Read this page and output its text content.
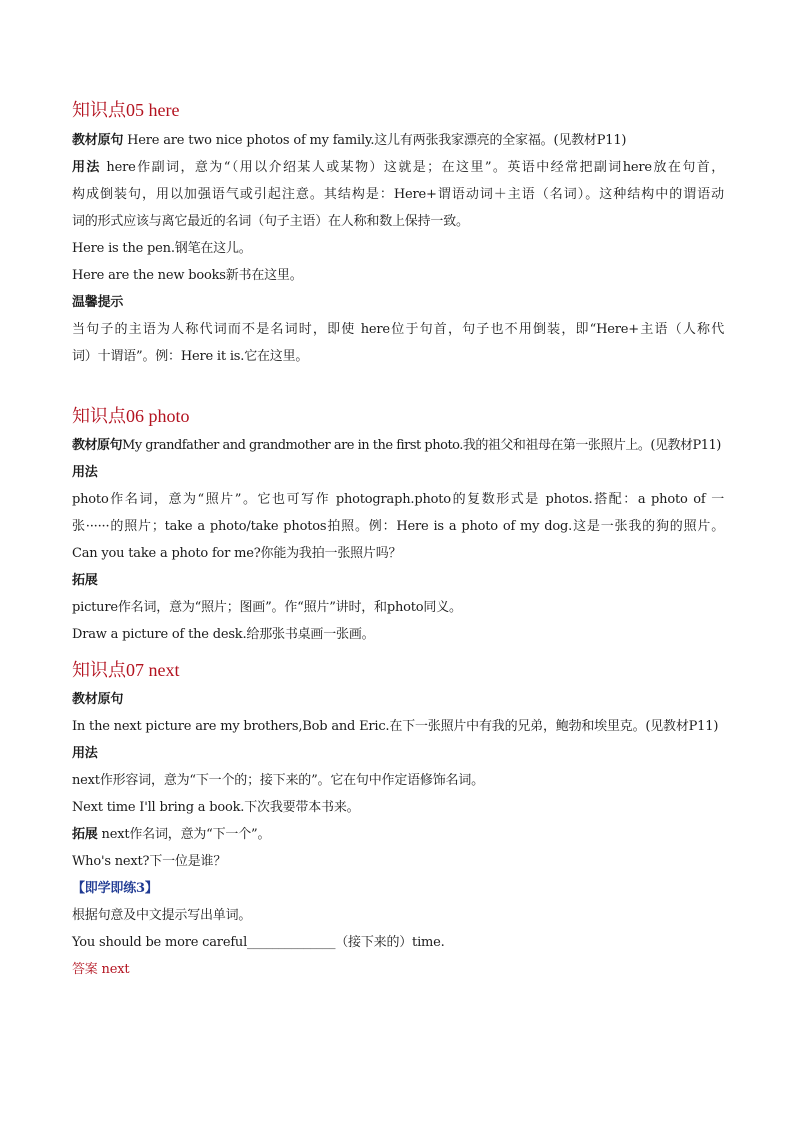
知识点05 here
教材原句 Here are two nice photos of my family.这儿有两张我家漂亮的全家福。(见教材P11)
用法 here作副词，意为“（用以介绍某人或某物）这就是；在这里”。英语中经常把副词here放在句首，
构成倒装句，用以加强语气或引起注意。其结构是：Here+谓语动词＋主语（名词）。这种结构中的谓语动
词的形式应该与离它最近的名词（句子主语）在人称和数上保持一致。
Here is the pen.钢笔在这儿。
Here are the new books新书在这里。
温馨提示
当句子的主语为人称代词而不是名词时，即使 here位于句首，句子也不用倒装，即“Here+主语（人称代
词）十谓语”。例：Here it is.它在这里。
知识点06 photo
教材原句My grandfather and grandmother are in the first photo.我的祖父和祖母在第一张照片上。(见教材P11)
用法
photo作名词，意为“照片”。它也可写作 photograph.photo的复数形式是 photos.搭配：a photo of 一
张······的照片；take a photo/take photos拍照。例：Here is a photo of my dog.这是一张我的狗的照片。
Can you take a photo for me?你能为我拍一张照片吗？
拓展
picture作名词，意为“照片；图画”。作“照片”讲时，和photo同义。
Draw a picture of the desk.给那张书桌画一张画。
知识点07 next
教材原句
In the next picture are my brothers,Bob and Eric.在下一张照片中有我的兄弟，鲍勃和埃里克。(见教材P11)
用法
next作形容词，意为“下一个的；接下来的”。它在句中作定语修饰名词。
Next time I'll bring a book.下次我要带本书来。
拓展 next作名词，意为“下一个”。
Who's next?下一位是谁？
【即学即练3】
根据句意及中文提示写出单词。
You should be more careful______________（接下来的）time.
答案 next
